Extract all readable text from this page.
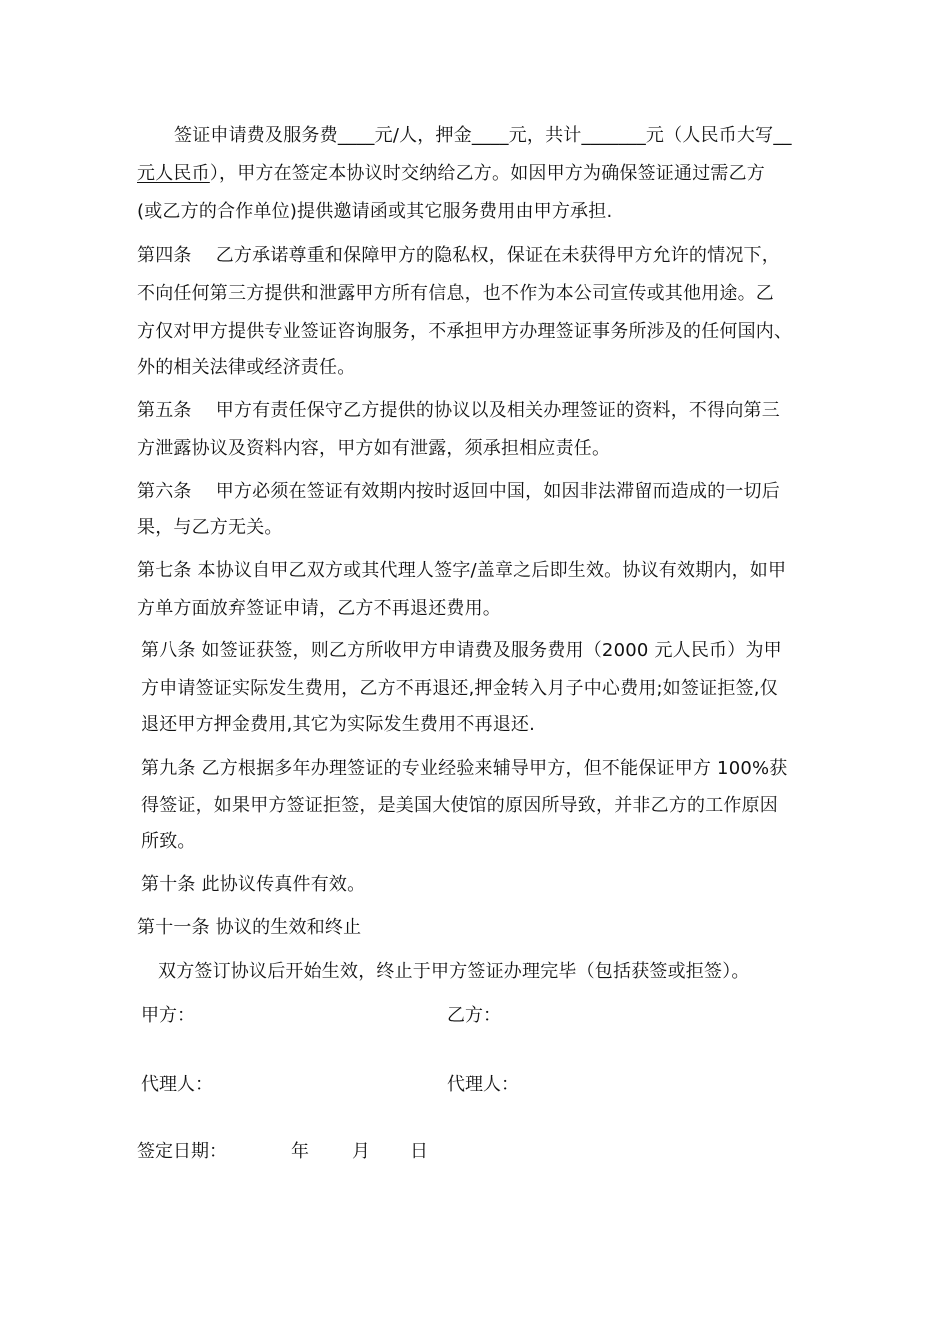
签证申请费及服务费____元/人，押金____元，共计_______元（人民币大写__
元人民币），甲方在签定本协议时交纳给乙方。如因甲方为确保签证通过需乙方
(或乙方的合作单位)提供邀请函或其它服务费用由甲方承担.
第四条　 乙方承诺尊重和保障甲方的隐私权，保证在未获得甲方允许的情况下，
不向任何第三方提供和泄露甲方所有信息，也不作为本公司宣传或其他用途。乙
方仅对甲方提供专业签证咨询服务，不承担甲方办理签证事务所涉及的任何国内、
外的相关法律或经济责任。
第五条　 甲方有责任保守乙方提供的协议以及相关办理签证的资料，不得向第三
方泄露协议及资料内容，甲方如有泄露，须承担相应责任。
第六条　 甲方必须在签证有效期内按时返回中国，如因非法滞留而造成的一切后
果，与乙方无关。
第七条 本协议自甲乙双方或其代理人签字/盖章之后即生效。协议有效期内，如甲
方单方面放弃签证申请，乙方不再退还费用。
第八条 如签证获签，则乙方所收甲方申请费及服务费用（2000 元人民币）为甲
方申请签证实际发生费用，乙方不再退还,押金转入月子中心费用;如签证拒签,仅
退还甲方押金费用,其它为实际发生费用不再退还.
第九条 乙方根据多年办理签证的专业经验来辅导甲方，但不能保证甲方 100%获
得签证，如果甲方签证拒签，是美国大使馆的原因所导致，并非乙方的工作原因
所致。
第十条 此协议传真件有效。
第十一条 协议的生效和终止
双方签订协议后开始生效，终止于甲方签证办理完毕（包括获签或拒签）。
甲方：	乙方：
代理人：	代理人：
签定日期：	年 月 日
